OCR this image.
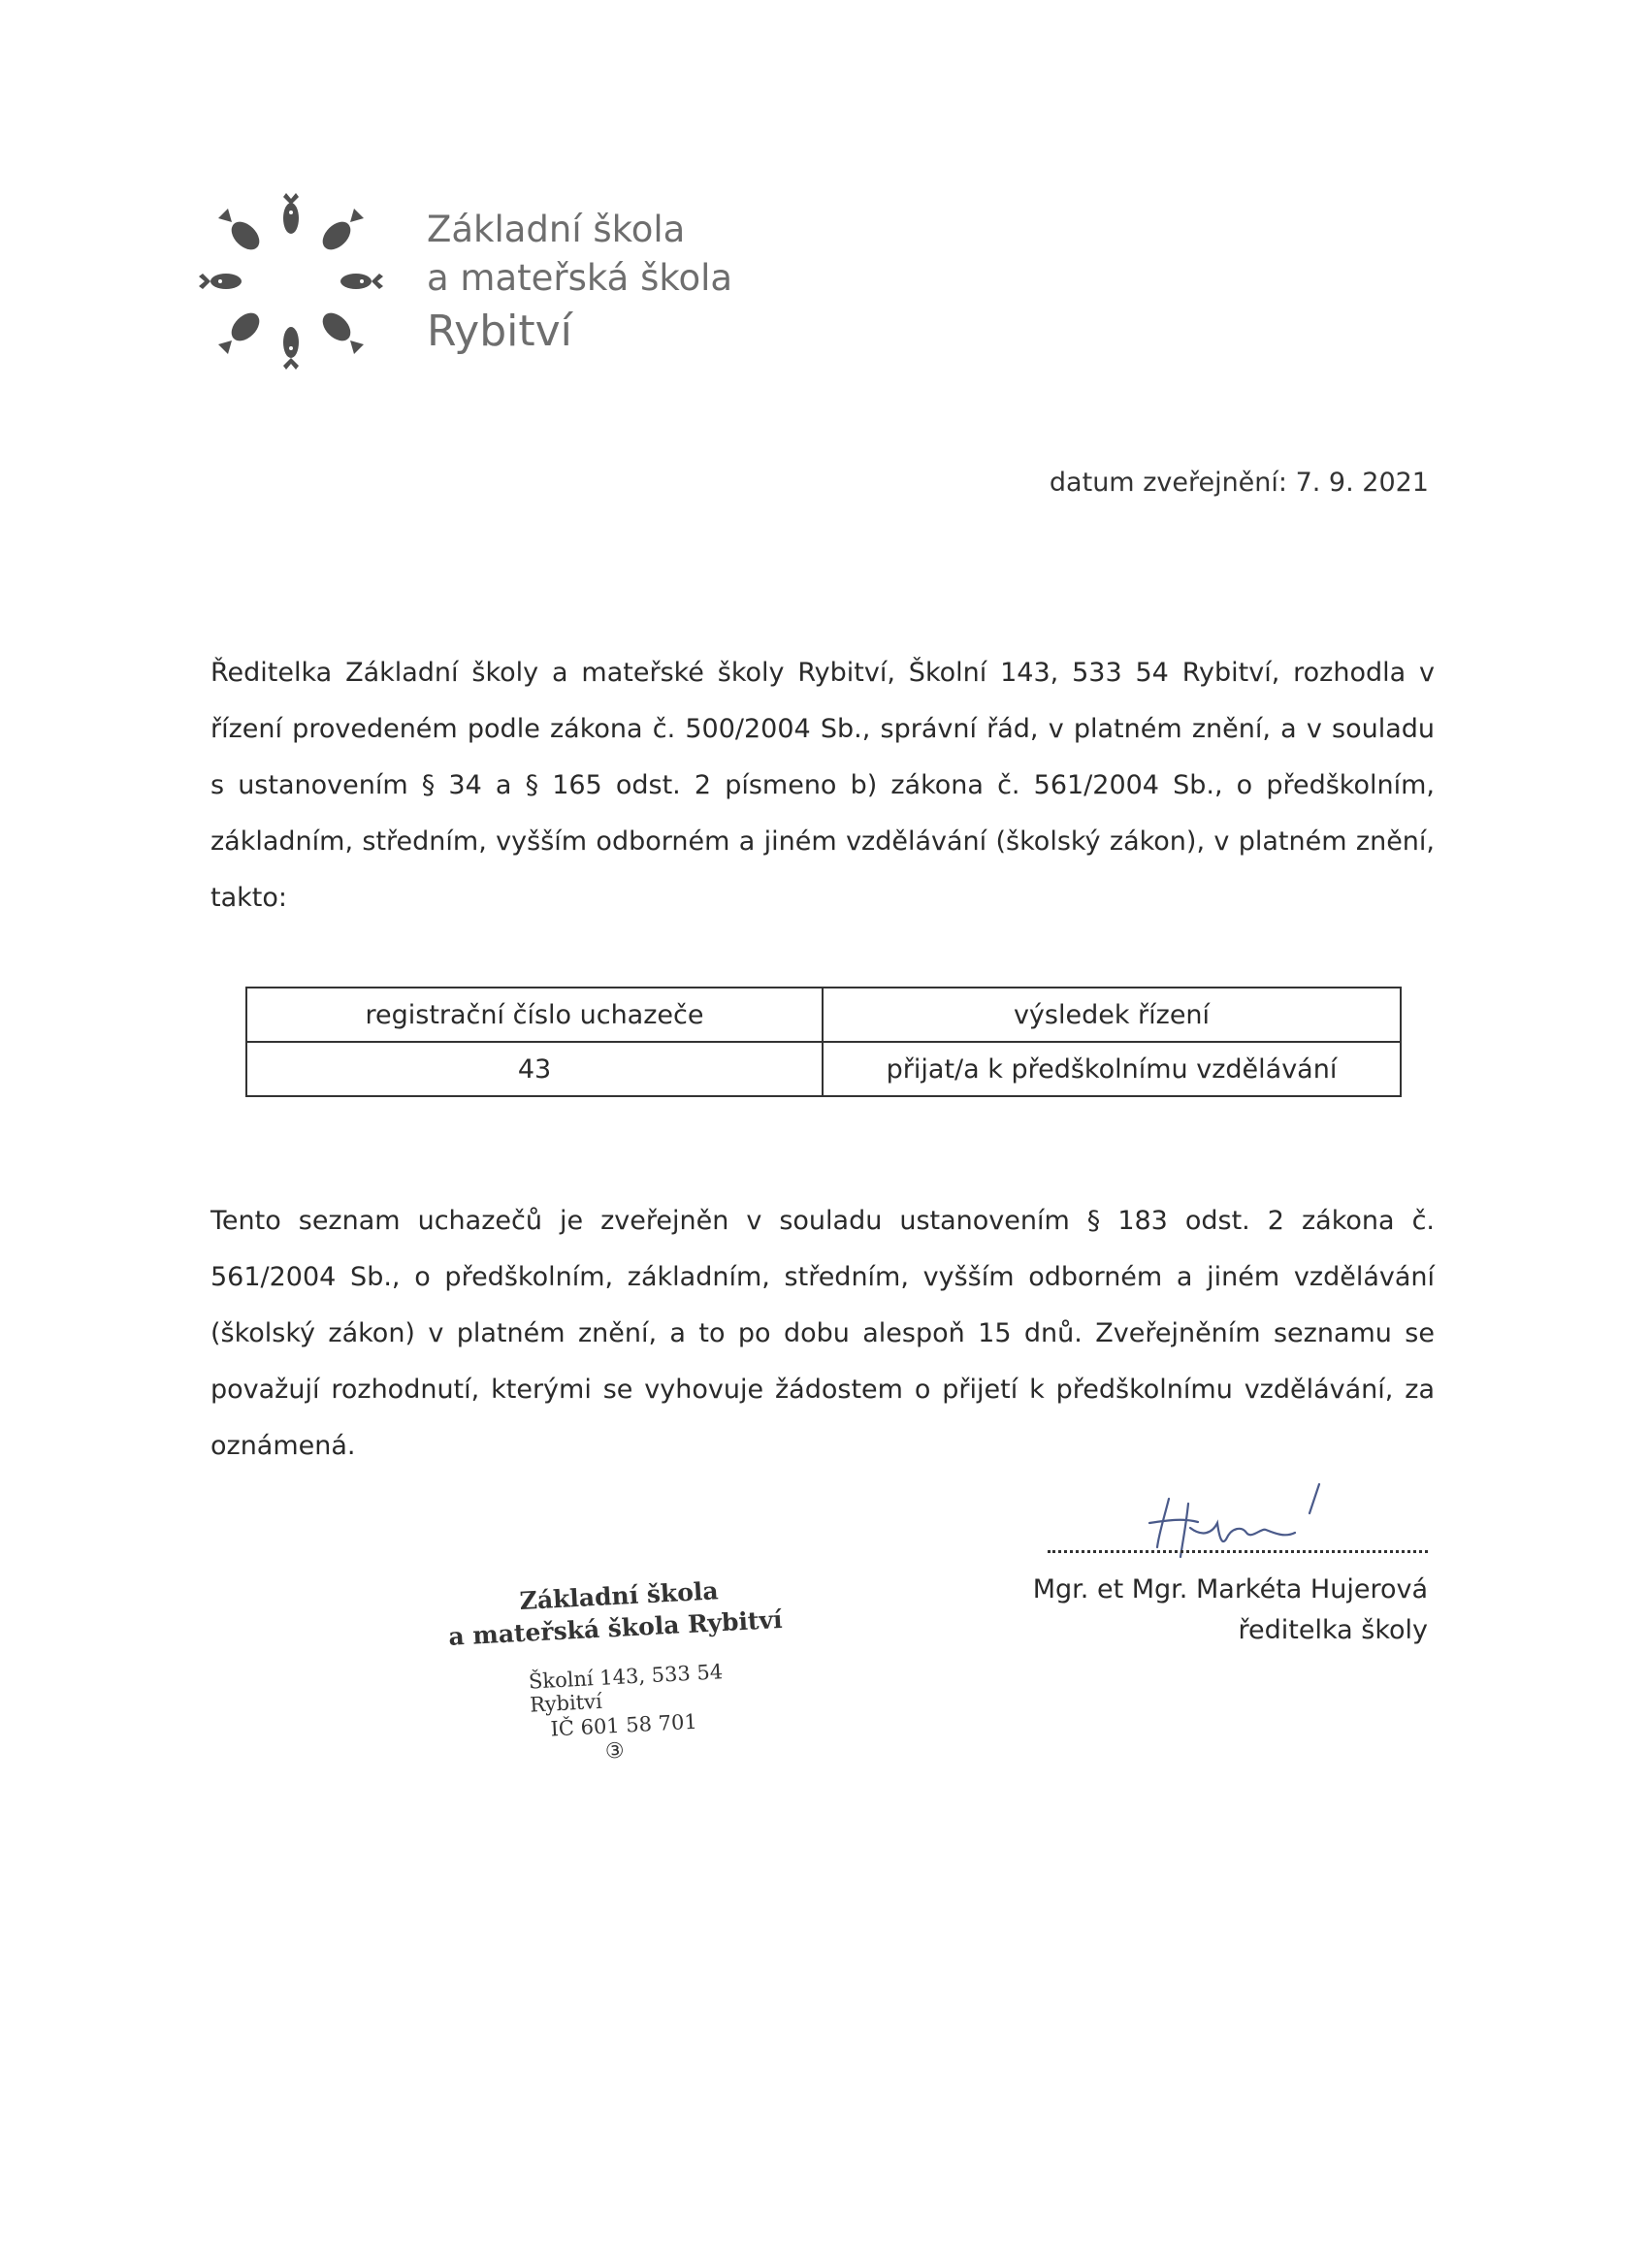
Základní škola
a mateřská škola
Rybitví
datum zveřejnění: 7. 9. 2021
Ředitelka Základní školy a mateřské školy Rybitví, Školní 143, 533 54 Rybitví, rozhodla v řízení provedeném podle zákona č. 500/2004 Sb., správní řád, v platném znění, a v souladu s ustanovením § 34 a § 165 odst. 2 písmeno b) zákona č. 561/2004 Sb., o předškolním, základním, středním, vyšším odborném a jiném vzdělávání (školský zákon), v platném znění, takto:
registrační číslo uchazeče	výsledek řízení
43	přijat/a k předškolnímu vzdělávání
Tento seznam uchazečů je zveřejněn v souladu ustanovením § 183 odst. 2 zákona č. 561/2004 Sb., o předškolním, základním, středním, vyšším odborném a jiném vzdělávání (školský zákon) v platném znění, a to po dobu alespoň 15 dnů. Zveřejněním seznamu se považují rozhodnutí, kterými se vyhovuje žádostem o přijetí k předškolnímu vzdělávání, za oznámená.
Mgr. et Mgr. Markéta Hujerová
ředitelka školy
Základní škola
a mateřská škola Rybitví
Školní 143, 533 54 Rybitví
IČ 601 58 701
③
